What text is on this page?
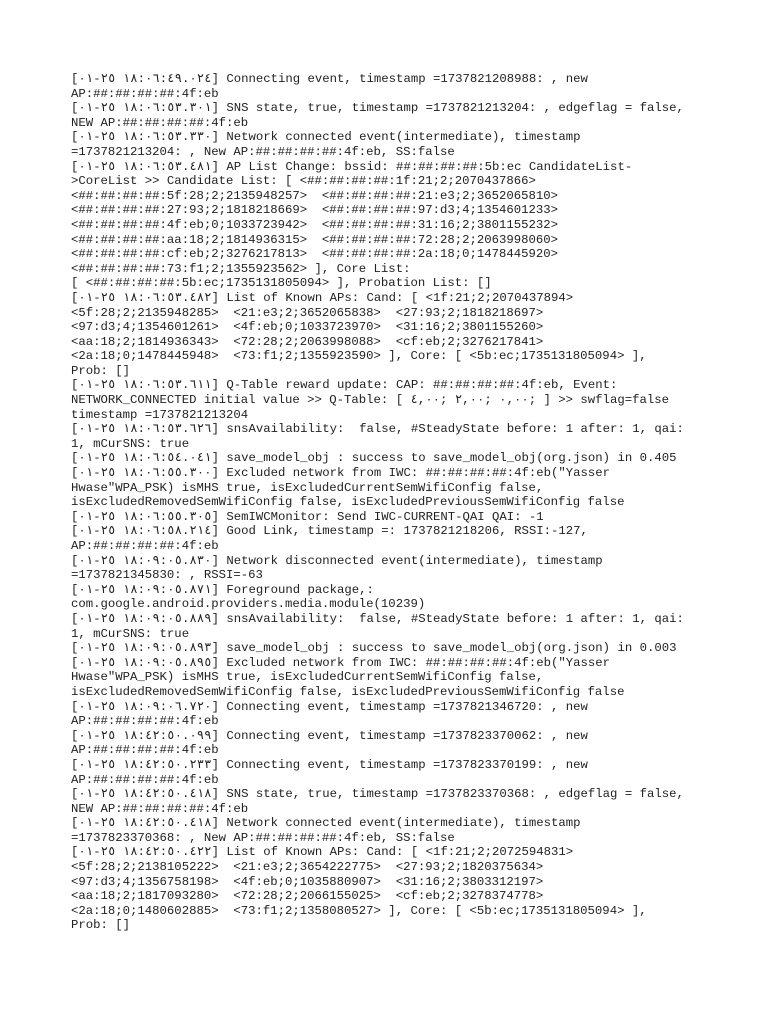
[١٨:٠٦:٤٩.٠٢٤ ٢٥-٠١] Connecting event, timestamp =1737821208988: , new
AP:##:##:##:##:4f:eb
[١٨:٠٦:٥٣.٣٠١ ٢٥-٠١] SNS state, true, timestamp =1737821213204: , edgeflag = false,
NEW AP:##:##:##:##:4f:eb
[١٨:٠٦:٥٣.٣٣٠ ٢٥-٠١] Network connected event(intermediate), timestamp
=1737821213204: , New AP:##:##:##:##:4f:eb, SS:false
[١٨:٠٦:٥٣.٤٨١ ٢٥-٠١] AP List Change: bssid: ##:##:##:##:5b:ec CandidateList-
>CoreList >> Candidate List: [ <##:##:##:##:1f:21;2;2070437866>
<##:##:##:##:5f:28;2;2135948257>  <##:##:##:##:21:e3;2;3652065810>
<##:##:##:##:27:93;2;1818218669>  <##:##:##:##:97:d3;4;1354601233>
<##:##:##:##:4f:eb;0;1033723942>  <##:##:##:##:31:16;2;3801155232>
<##:##:##:##:aa:18;2;1814936315>  <##:##:##:##:72:28;2;2063998060>
<##:##:##:##:cf:eb;2;3276217813>  <##:##:##:##:2a:18;0;1478445920>
<##:##:##:##:73:f1;2;1355923562> ], Core List:
[ <##:##:##:##:5b:ec;1735131805094> ], Probation List: []
[١٨:٠٦:٥٣.٤٨٢ ٢٥-٠١] List of Known APs: Cand: [ <1f:21;2;2070437894>
<5f:28;2;2135948285>  <21:e3;2;3652065838>  <27:93;2;1818218697>
<97:d3;4;1354601261>  <4f:eb;0;1033723970>  <31:16;2;3801155260>
<aa:18;2;1814936343>  <72:28;2;2063998088>  <cf:eb;2;3276217841>
<2a:18;0;1478445948>  <73:f1;2;1355923590> ], Core: [ <5b:ec;1735131805094> ],
Prob: []
[١٨:٠٦:٥٣.٦١١ ٢٥-٠١] Q-Table reward update: CAP: ##:##:##:##:4f:eb, Event:
NETWORK_CONNECTED initial value >> Q-Table: [ ٠,٠٠ ;٢,٠٠ ;٤,٠٠; ] >> swflag=false
timestamp =1737821213204
[١٨:٠٦:٥٣.٦٢٦ ٢٥-٠١] snsAvailability:  false, #SteadyState before: 1 after: 1, qai:
1, mCurSNS: true
[١٨:٠٦:٥٤.٠٤١ ٢٥-٠١] save_model_obj : success to save_model_obj(org.json) in 0.405
[١٨:٠٦:٥٥.٣٠٠ ٢٥-٠١] Excluded network from IWC: ##:##:##:##:4f:eb("Yasser
Hwase"WPA_PSK) isMHS true, isExcludedCurrentSemWifiConfig false,
isExcludedRemovedSemWifiConfig false, isExcludedPreviousSemWifiConfig false
[١٨:٠٦:٥٥.٣٠٥ ٢٥-٠١] SemIWCMonitor: Send IWC-CURRENT-QAI QAI: -1
[١٨:٠٦:٥٨.٢١٤ ٢٥-٠١] Good Link, timestamp =: 1737821218206, RSSI:-127,
AP:##:##:##:##:4f:eb
[١٨:٠٩:٠٥.٨٣٠ ٢٥-٠١] Network disconnected event(intermediate), timestamp
=1737821345830: , RSSI=-63
[١٨:٠٩:٠٥.٨٧١ ٢٥-٠١] Foreground package,:
com.google.android.providers.media.module(10239)
[١٨:٠٩:٠٥.٨٨٩ ٢٥-٠١] snsAvailability:  false, #SteadyState before: 1 after: 1, qai:
1, mCurSNS: true
[١٨:٠٩:٠٥.٨٩٣ ٢٥-٠١] save_model_obj : success to save_model_obj(org.json) in 0.003
[١٨:٠٩:٠٥.٨٩٥ ٢٥-٠١] Excluded network from IWC: ##:##:##:##:4f:eb("Yasser
Hwase"WPA_PSK) isMHS true, isExcludedCurrentSemWifiConfig false,
isExcludedRemovedSemWifiConfig false, isExcludedPreviousSemWifiConfig false
[١٨:٠٩:٠٦.٧٢٠ ٢٥-٠١] Connecting event, timestamp =1737821346720: , new
AP:##:##:##:##:4f:eb
[١٨:٤٢:٥٠.٠٩٩ ٢٥-٠١] Connecting event, timestamp =1737823370062: , new
AP:##:##:##:##:4f:eb
[١٨:٤٢:٥٠.٢٣٣ ٢٥-٠١] Connecting event, timestamp =1737823370199: , new
AP:##:##:##:##:4f:eb
[١٨:٤٢:٥٠.٤١٨ ٢٥-٠١] SNS state, true, timestamp =1737823370368: , edgeflag = false,
NEW AP:##:##:##:##:4f:eb
[١٨:٤٢:٥٠.٤١٨ ٢٥-٠١] Network connected event(intermediate), timestamp
=1737823370368: , New AP:##:##:##:##:4f:eb, SS:false
[١٨:٤٢:٥٠.٤٢٢ ٢٥-٠١] List of Known APs: Cand: [ <1f:21;2;2072594831>
<5f:28;2;2138105222>  <21:e3;2;3654222775>  <27:93;2;1820375634>
<97:d3;4;1356758198>  <4f:eb;0;1035880907>  <31:16;2;3803312197>
<aa:18;2;1817093280>  <72:28;2;2066155025>  <cf:eb;2;3278374778>
<2a:18;0;1480602885>  <73:f1;2;1358080527> ], Core: [ <5b:ec;1735131805094> ],
Prob: []
